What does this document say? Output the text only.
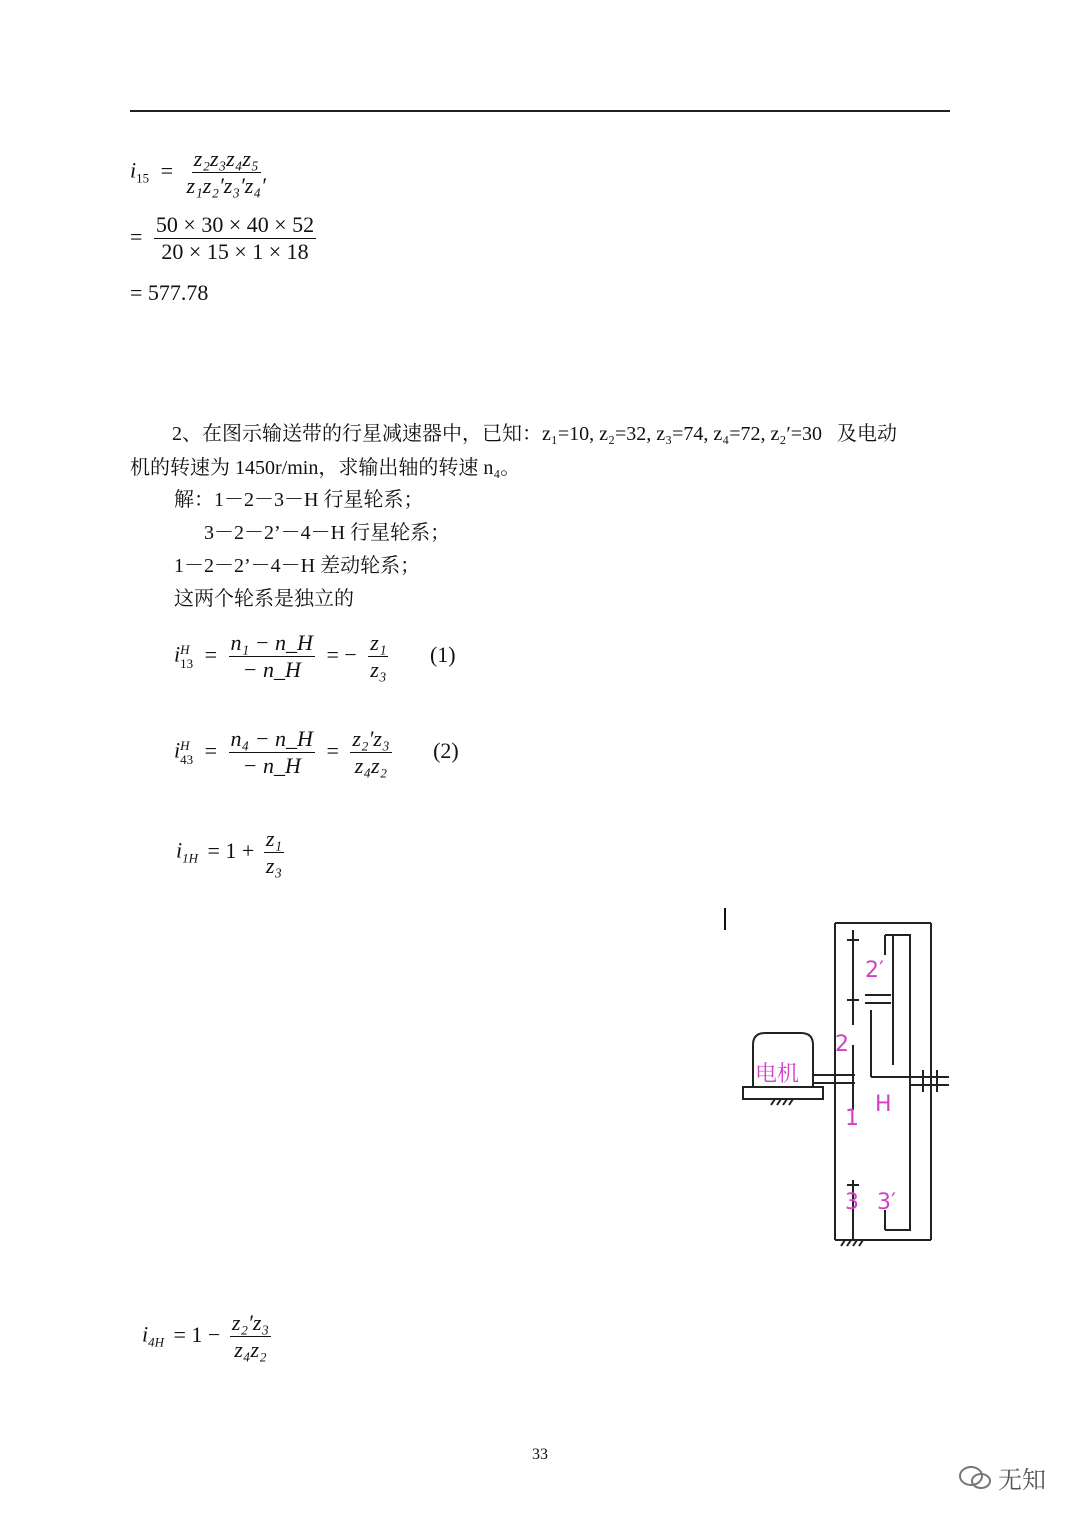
$i_{15} = \frac{\text{z₂z₃z₄z₅}}{\text{z₁z₂′z₃′z₄′}}$
= $\frac{50 \times 30 \times 40 \times 52}{20 \times 15 \times 1 \times 18}$
= 577.78
2、在图示输送带的行星减速器中，已知：z₁=10, z₂=32, z₃=74, z₄=72, z₂′=30 及电动
机的转速为 1450r/min，求输出轴的转速 n₄。
解：1－2－3－H 行星轮系；
3－2－2’－4－H 行星轮系；
1－2－2’－4－H 差动轮系；
这两个轮系是独立的
i H
$13 = \frac{\text{n₁ − n\_H}}{- n\_H}$ = − $\frac{\text{z₁}}{\text{z₃}} (1)$
i H
$43 = \frac{\text{n₄ − n\_H}}{- n\_H} = \frac{\text{z₂′z₃}}{\text{z₄z₂}} (2)$
$i_{1H} = 1 + \frac{\text{z₁}}{\text{z₃}}$
$i_{4H} = 1 - \frac{\text{z₂′z₃}}{\text{z₄z₂}}$
电机
2′
2
H
1
3 3′
33
无知
